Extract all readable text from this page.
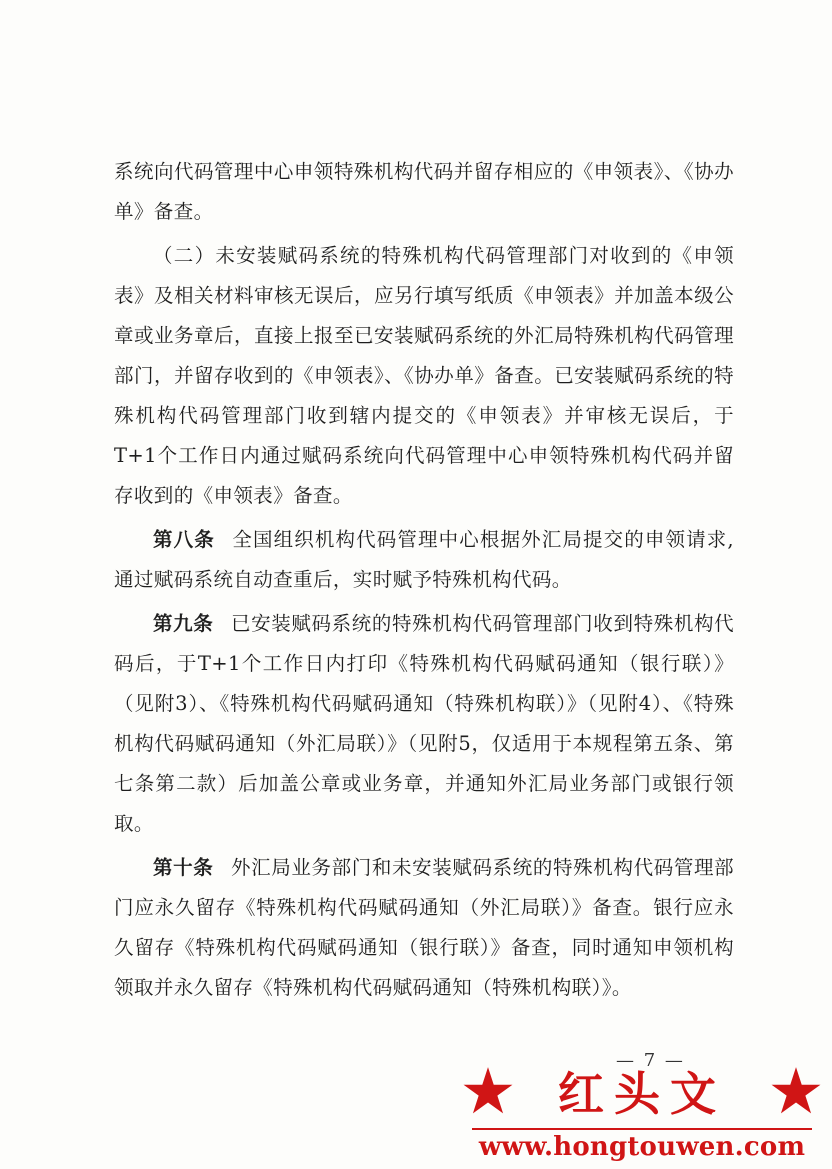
系统向代码管理中心申领特殊机构代码并留存相应的《申领表》、《协办单》备查。

（二）未安装赋码系统的特殊机构代码管理部门对收到的《申领表》及相关材料审核无误后，应另行填写纸质《申领表》并加盖本级公章或业务章后，直接上报至已安装赋码系统的外汇局特殊机构代码管理部门，并留存收到的《申领表》、《协办单》备查。已安装赋码系统的特殊机构代码管理部门收到辖内提交的《申领表》并审核无误后，于T+1个工作日内通过赋码系统向代码管理中心申领特殊机构代码并留存收到的《申领表》备查。

第八条 全国组织机构代码管理中心根据外汇局提交的申领请求,通过赋码系统自动查重后，实时赋予特殊机构代码。

第九条 已安装赋码系统的特殊机构代码管理部门收到特殊机构代码后，于T+1个工作日内打印《特殊机构代码赋码通知（银行联）》（见附3）、《特殊机构代码赋码通知（特殊机构联）》（见附4）、《特殊机构代码赋码通知（外汇局联）》（见附5，仅适用于本规程第五条、第七条第二款）后加盖公章或业务章，并通知外汇局业务部门或银行领取。

第十条 外汇局业务部门和未安装赋码系统的特殊机构代码管理部门应永久留存《特殊机构代码赋码通知（外汇局联）》备查。银行应永久留存《特殊机构代码赋码通知（银行联）》备查，同时通知申领机构领取并永久留存《特殊机构代码赋码通知（特殊机构联）》。

— 7 —
红头文
www.hongtouwen.com
